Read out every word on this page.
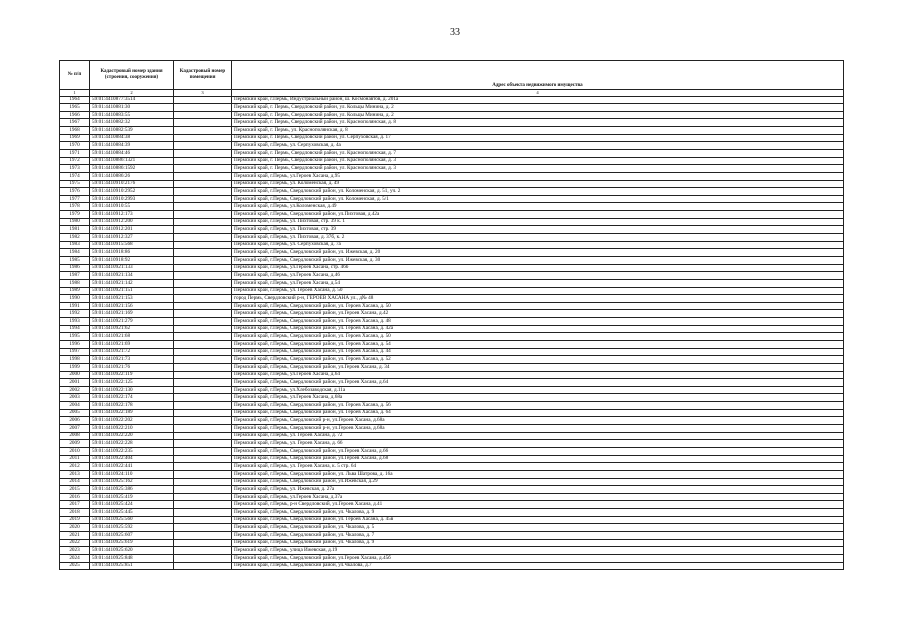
33
№ п/п	Кадастровый номер здания (строения, сооружения)	Кадастровый номер помещения	Адрес объекта недвижимого имущества
1	2	3	4
1964	59:01:4410877:3514		Пермский край, г.Пермь, Индустриальный район, ш. Космонавтов, д. 201а
1965	59:01:4410881:30		Пермский край, г. Пермь, Свердловский район, ул. Кольцы Минина, д. 2
1966	59:01:4410883:55		Пермский край, г. Пермь, Свердловский район, ул. Кольцы Минина, д. 2
1967	59:01:4410882:32		Пермский край, г. Пермь, Свердловский район, ул. Краснополянская, д. 8
1968	59:01:4410882:539		Пермский край, г. Пермь, ул. Краснополянская, д. 8
1969	59:01:4410884:38		Пермский край, г. Пермь, Свердловский район, ул. Серпуховская, д. 17
1970	59:01:4410884:39		Пермский край, г.Пермь, ул. Серпуховская, д. 4а
1971	59:01:4410884:46		Пермский край, г. Пермь, Свердловский район, ул. Краснополянская, д. 7
1972	59:01:4410886:1321		Пермский край, г. Пермь, Свердловский район, ул. Краснополянская, д. 3
1973	59:01:4410886:1592		Пермский край, г. Пермь, Свердловский район, ул. Краснополянская, д. 3
1974	59:01:4410886:26		Пермский край, г.Пермь, ул.Героев Хасана, д.95
1975	59:01:4410910:2176		Пермский край, г.Пермь, ул. Коломенская, д. 49
1976	59:01:4410910:2952		Пермский край, г.Пермь, Свердловский район, ул. Коломенская, д. 51, уч. 2
1977	59:01:4410910:2993		Пермский край, г.Пермь, Свердловский район, ул. Коломенская, д. 5/1
1978	59:01:4410910:55		Пермский край, г.Пермь, ул.Коломенская, д.49
1979	59:01:4410912:173		Пермский край, г.Пермь, Свердловский район, ул.Пихтовая, д.42а
1980	59:01:4410912:200		Пермский край, г.Пермь, ул. Пихтовая, стр. 39 к. 1
1981	59:01:4410912:201		Пермский край, г.Пермь, ул. Пихтовая, стр. 39
1982	59:01:4410912:327		Пермский край, г.Пермь, ул. Пихтовая, д. 37б, к. 2
1983	59:01:4410915:568		Пермский край, г.Пермь, ул. Серпуховская, д. 7а
1984	59:01:4410918:86		Пермский край, г.Пермь, Свердловский район, ул. Ижевская, д. 20
1985	59:01:4410918:92		Пермский край, г.Пермь, Свердловский район, ул. Ижевская, д. 30
1986	59:01:4410921:133		Пермский край, г.Пермь, ул.Героев Хасана, стр. 46б
1987	59:01:4410921:134		Пермский край, г.Пермь, ул.Героев Хасана, д.46
1988	59:01:4410921:142		Пермский край, г.Пермь, ул.Героев Хасана, д.54
1989	59:01:4410921:151		Пермский край, г.Пермь, ул. Героев Хасана, д. 50
1990	59:01:4410921:153		город Пермь, Свердловский р-н, ГЕРОЕВ ХАСАНА ул., д№ 48
1991	59:01:4410921:156		Пермский край, г.Пермь, Свердловский район, ул. Героев Хасана, д. 50
1992	59:01:4410921:169		Пермский край, г.Пермь, Свердловский район, ул.Героев Хасана, д.42
1993	59:01:4410921:279		Пермский край, г.Пермь, Свердловский район, ул. Героев Хасана, д. 48
1994	59:01:4410921:62		Пермский край, г.Пермь, Свердловский район, ул. Героев Хасана, д. 42а
1995	59:01:4410921:68		Пермский край, г.Пермь, Свердловский район, ул. Героев Хасана, д. 50
1996	59:01:4410921:69		Пермский край, г.Пермь, Свердловский район, ул. Героев Хасана, д. 54
1997	59:01:4410921:72		Пермский край, г.Пермь, Свердловский район, ул. Героев Хасана, д. 44
1998	59:01:4410921:73		Пермский край, г.Пермь, Свердловский район, ул. Героев Хасана, д. 52
1999	59:01:4410921:76		Пермский край, г.Пермь, Свердловский район, ул.Героев Хасана, д. 34
2000	59:01:4410922:119		Пермский край, г.Пермь, ул.Героев Хасана, д.64
2001	59:01:4410922:125		Пермский край, г.Пермь, Свердловский район, ул.Героев Хасана, д.64
2002	59:01:4410922:130		Пермский край, г.Пермь, ул.Хлебозаводская, д.11а
2003	59:01:4410922:174		Пермский край, г.Пермь, ул.Героев Хасана, д.68а
2004	59:01:4410922:178		Пермский край, г.Пермь, Свердловский район, ул. Героев Хасана, д. 56
2005	59:01:4410922:189		Пермский край, г.Пермь, Свердловский район, ул. Героев Хасана, д. 64
2006	59:01:4410922:202		Пермский край, г.Пермь, Свердловский р-н, ул.Героев Хасана, д.68а
2007	59:01:4410922:210		Пермский край, г.Пермь, Свердловский р-н, ул.Героев Хасана, д.68а
2008	59:01:4410922:220		Пермский край, г.Пермь, ул. Героев Хасана, д. 72
2009	59:01:4410922:228		Пермский край, г.Пермь, ул. Героев Хасана, д. 66
2010	59:01:4410922:235		Пермский край, г.Пермь, Свердловский район, ул.Героев Хасана, д.66
2011	59:01:4410922:404		Пермский край, г.Пермь, Свердловский район, ул.Героев Хасана, д.68
2012	59:01:4410922:441		Пермский край, г.Пермь, ул. Героев Хасана, к. 5 стр. 64
2013	59:01:4410924:110		Пермский край, г.Пермь, Свердловский район, ул. Льва Шатрова, д. 16а
2014	59:01:4410925:162		Пермский край, г.Пермь, Свердловский район, ул.Ижевская, д.29
2015	59:01:4410925:386		Пермский край, г.Пермь, ул. Ижевская, д. 27а
2016	59:01:4410925:419		Пермский край, г.Пермь, ул.Героев Хасана, д.37а
2017	59:01:4410925:424		Пермский край, г.Пермь, р-н Свердловский, ул.Героев Хасана, д.41
2018	59:01:4410925:445		Пермский край, г.Пермь, Свердловский район, ул. Чкалова, д. 9
2019	59:01:4410925:560		Пермский край, г.Пермь, Свердловский район, ул. Героев Хасана, д. 45в
2020	59:01:4410925:592		Пермский край, г.Пермь, Свердловский район, ул. Чкалова, д. 5
2021	59:01:4410925:607		Пермский край, г.Пермь, Свердловский район, ул. Чкалова, д. 7
2022	59:01:4410925:619		Пермский край, г.Пермь, Свердловский район, ул. Чкалова, д. 9
2023	59:01:4410925:620		Пермский край, г.Пермь, улица Ижевская, д.19
2024	59:01:4410925:848		Пермский край, г.Пермь, Свердловский район, ул.Героев Хасана, д.45б
2025	59:01:4410925:851		Пермский край, г.Пермь, Свердловский район, ул.Чкалова, д.7
